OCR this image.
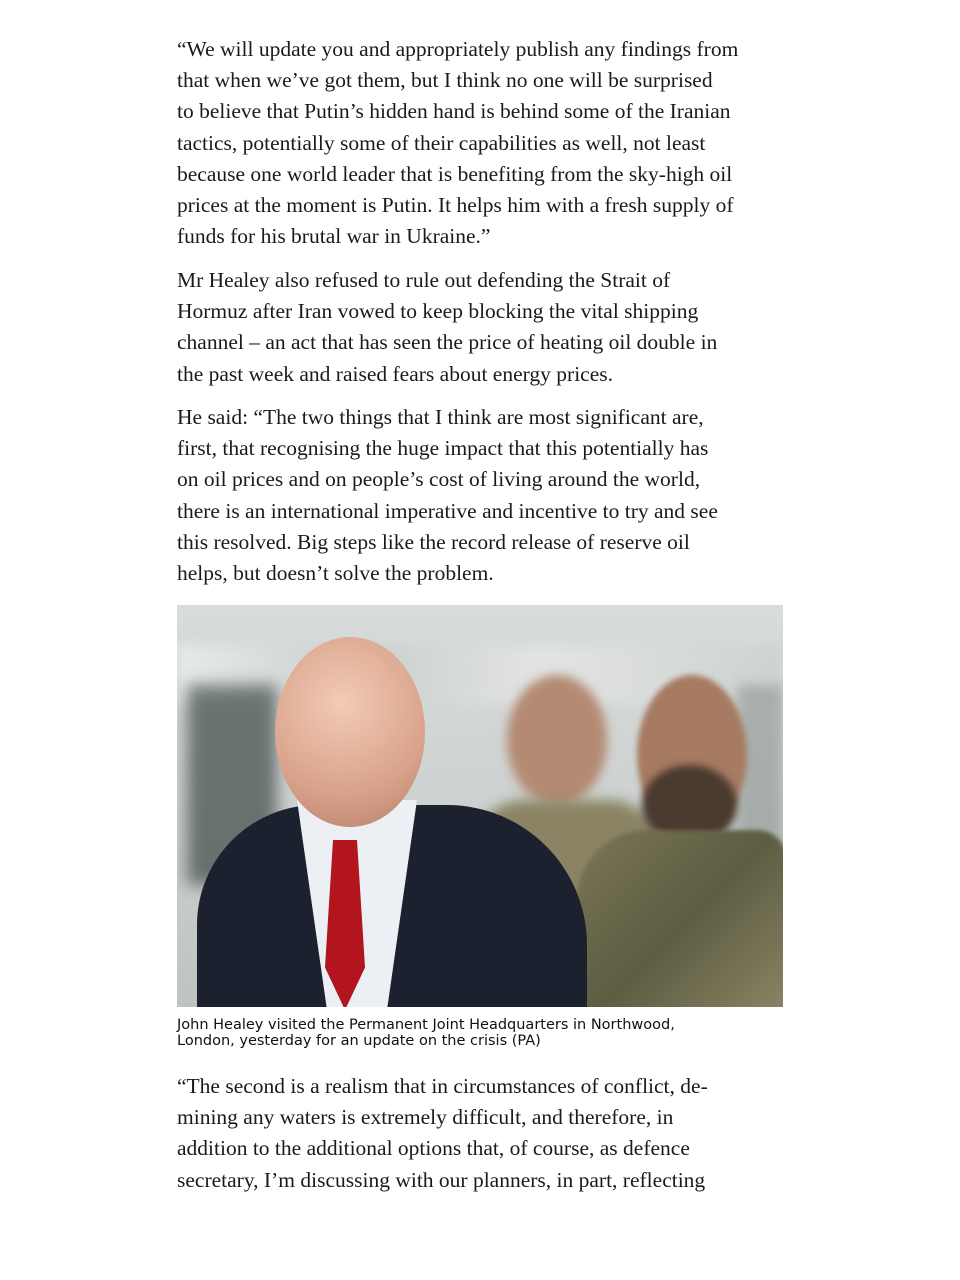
“We will update you and appropriately publish any findings from
that when we’ve got them, but I think no one will be surprised
to believe that Putin’s hidden hand is behind some of the Iranian
tactics, potentially some of their capabilities as well, not least
because one world leader that is benefiting from the sky-high oil
prices at the moment is Putin. It helps him with a fresh supply of
funds for his brutal war in Ukraine.”
Mr Healey also refused to rule out defending the Strait of
Hormuz after Iran vowed to keep blocking the vital shipping
channel – an act that has seen the price of heating oil double in
the past week and raised fears about energy prices.
He said: “The two things that I think are most significant are,
first, that recognising the huge impact that this potentially has
on oil prices and on people’s cost of living around the world,
there is an international imperative and incentive to try and see
this resolved. Big steps like the record release of reserve oil
helps, but doesn’t solve the problem.
John Healey visited the Permanent Joint Headquarters in Northwood,
London, yesterday for an update on the crisis (PA)
“The second is a realism that in circumstances of conflict, de-
mining any waters is extremely difficult, and therefore, in
addition to the additional options that, of course, as defence
secretary, I’m discussing with our planners, in part, reflecting
